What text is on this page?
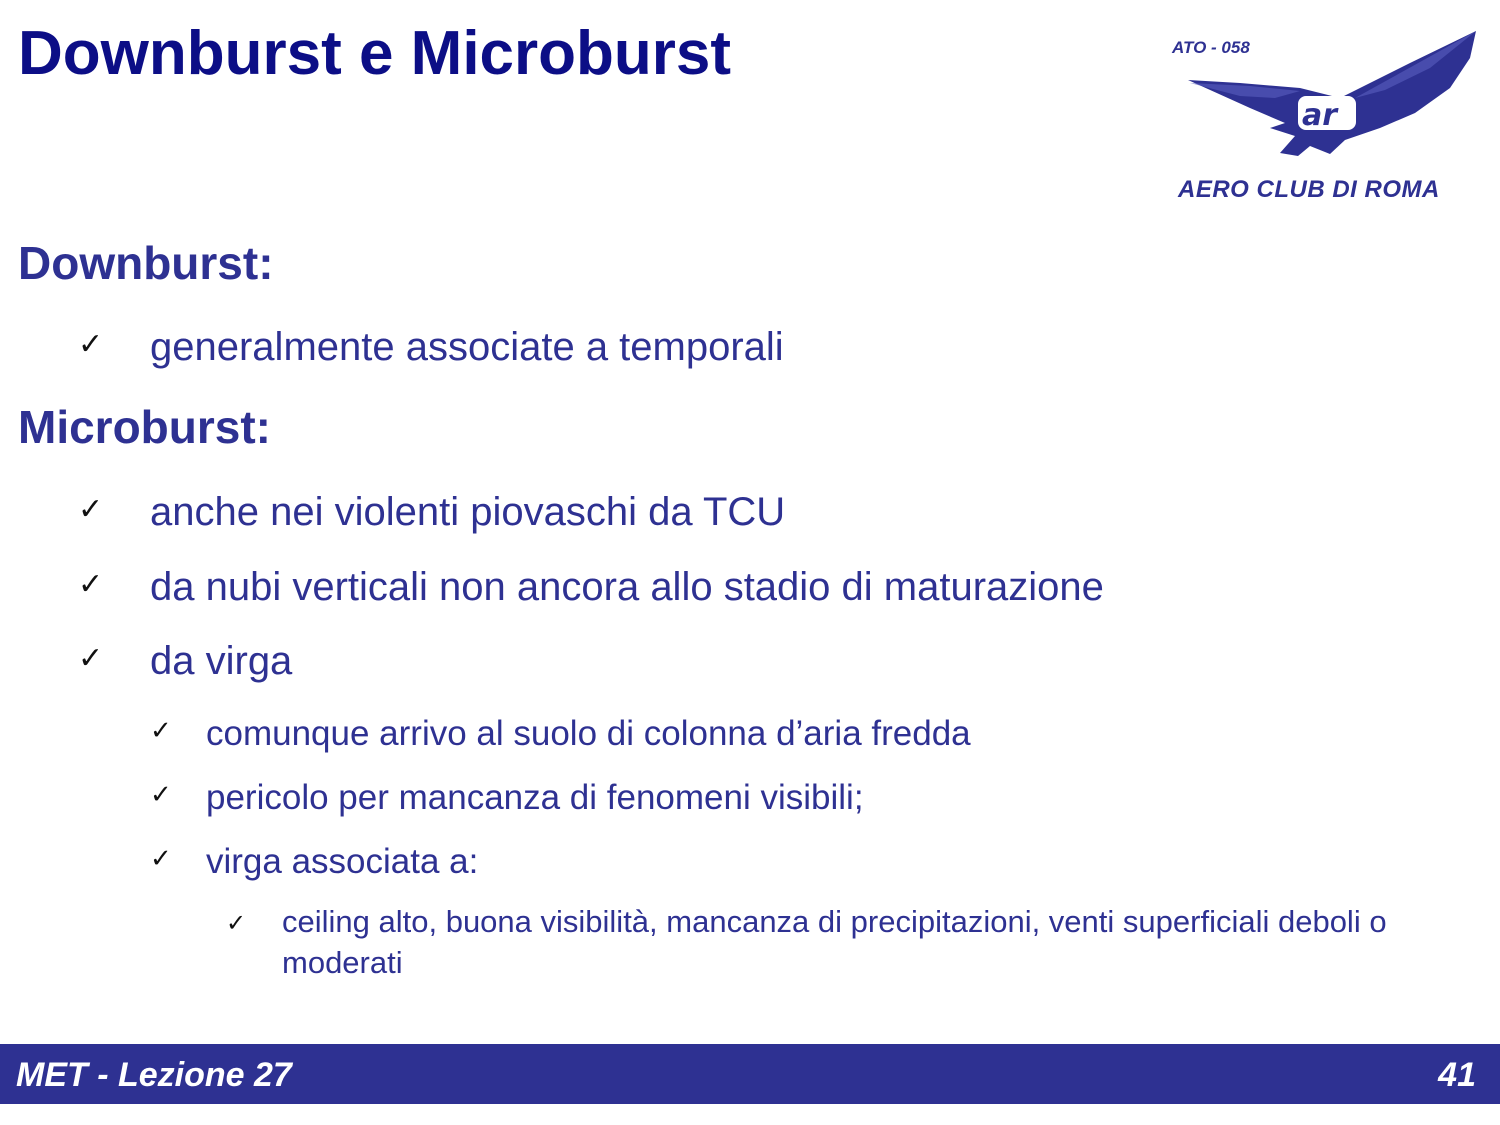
Downburst e Microburst	ATO - 058
ar
AERO CLUB DI ROMA
Downburst:
✓ generalmente associate a temporali
Microburst:
✓ anche nei violenti piovaschi da TCU
✓ da nubi verticali non ancora allo stadio di maturazione
✓ da virga
✓ comunque arrivo al suolo di colonna d’aria fredda
✓ pericolo per mancanza di fenomeni visibili;
✓ virga associata a:
✓ ceiling alto, buona visibilità, mancanza di precipitazioni, venti superficiali deboli o moderati
MET - Lezione 27	41
